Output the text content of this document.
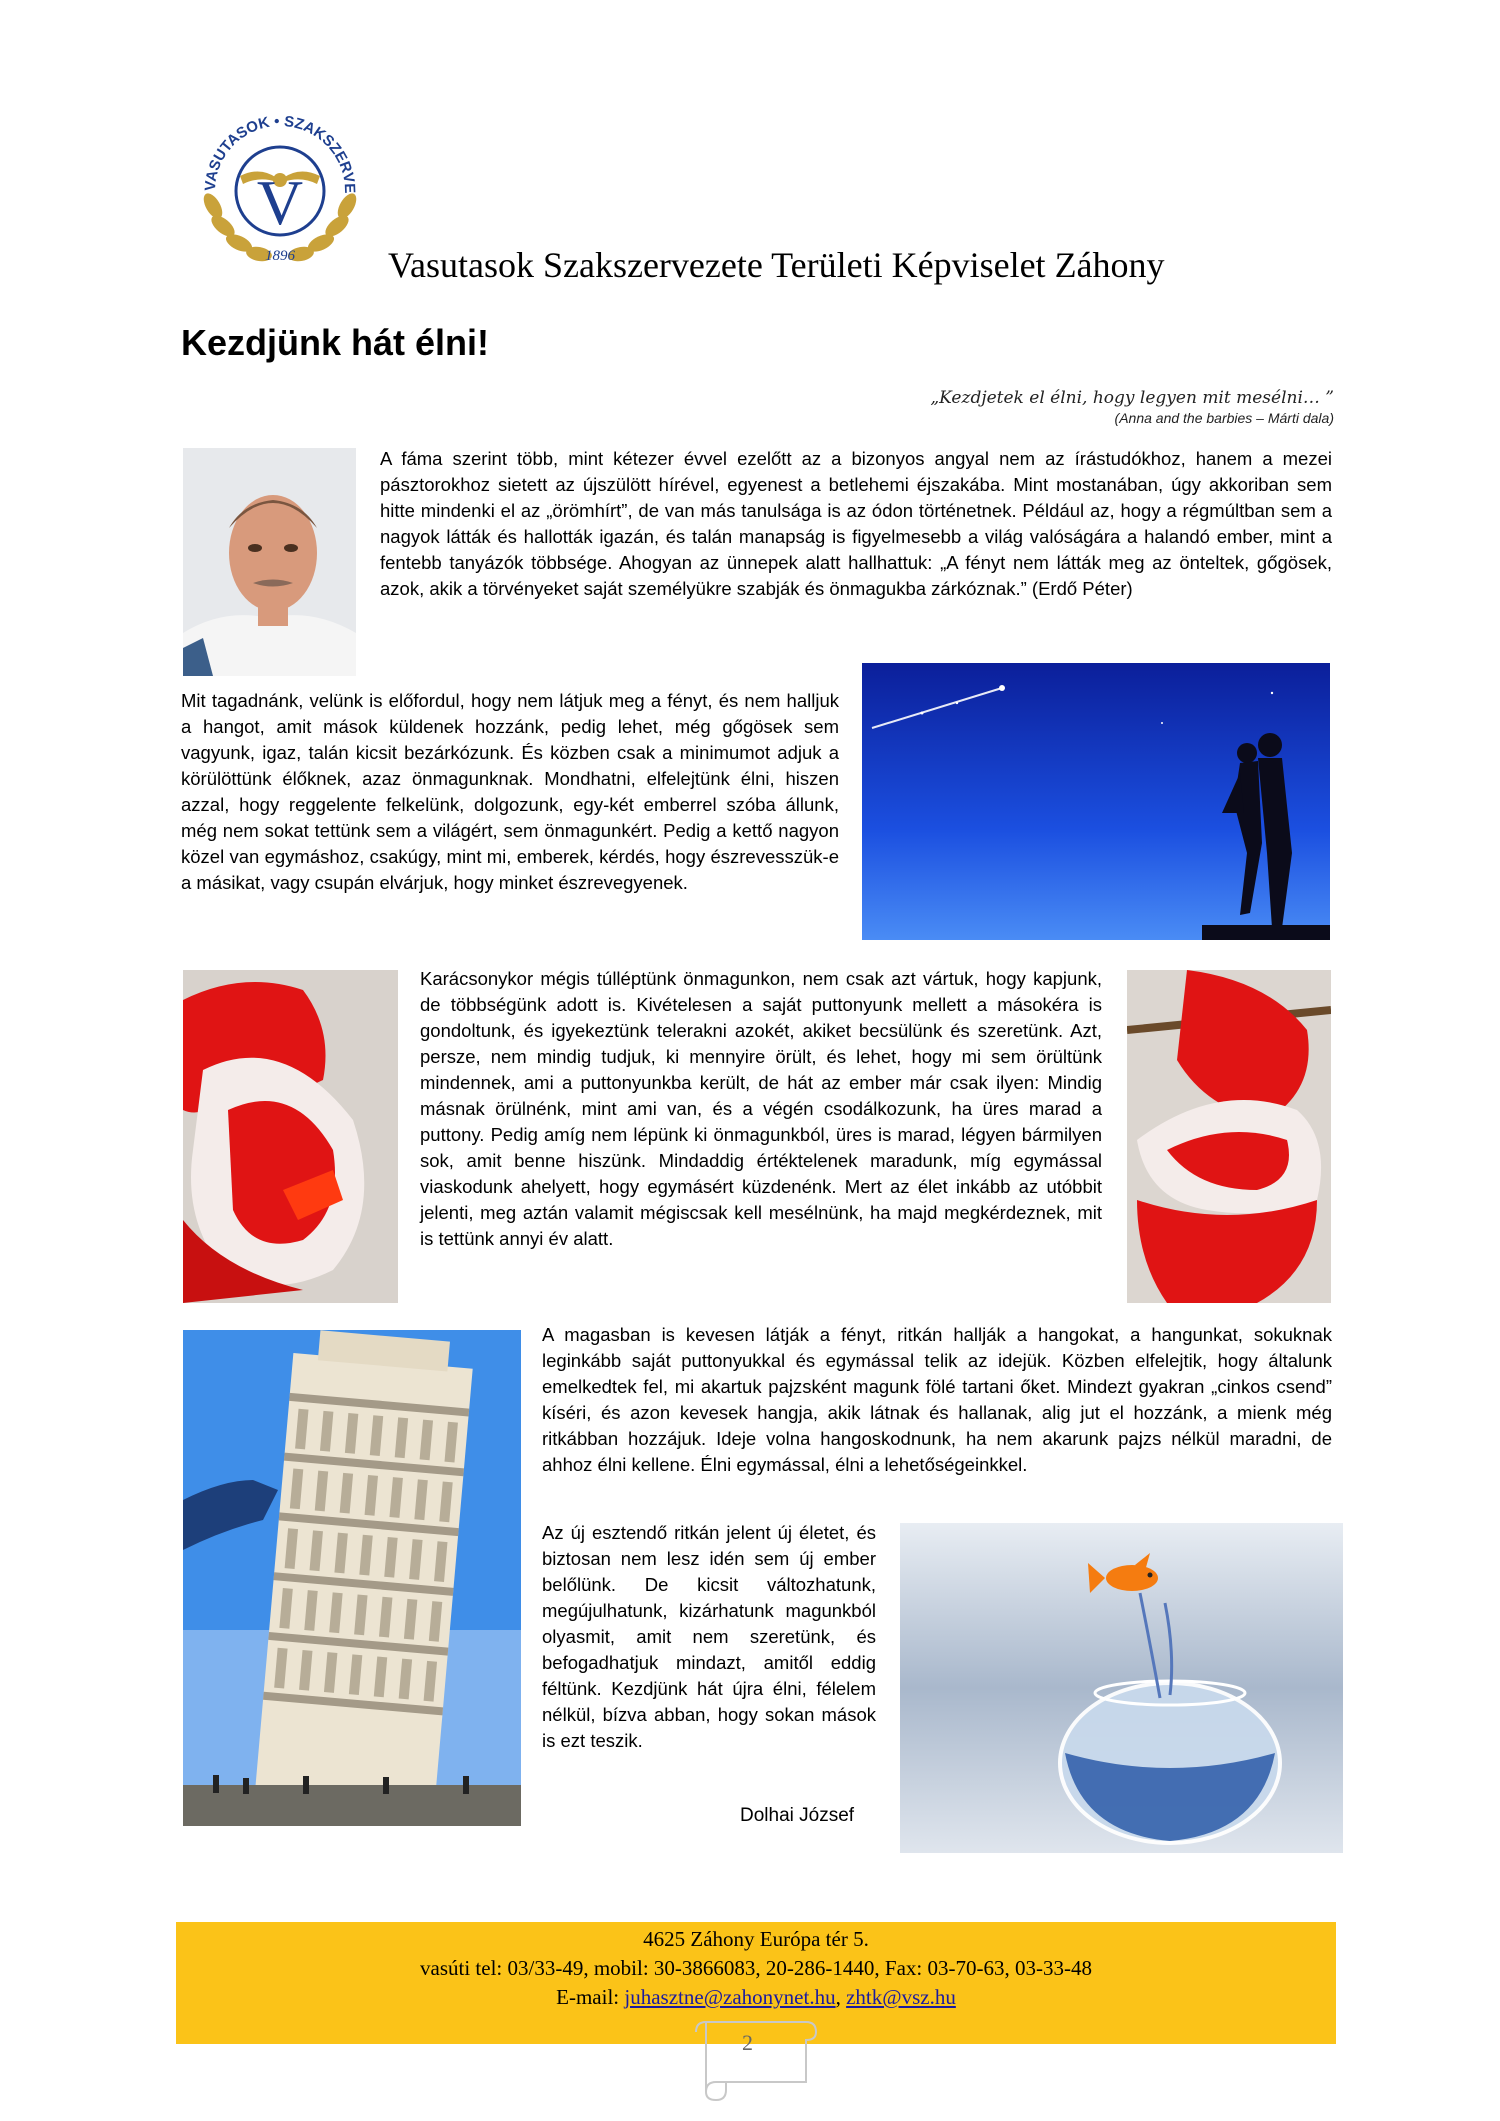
VASUTASOK • SZAKSZERVE
V
1896	Vasutasok Szakszervezete Területi Képviselet Záhony
Kezdjünk hát élni!
„Kezdjetek el élni, hogy legyen mit mesélni… ”
(Anna and the barbies – Márti dala)

A fáma szerint több, mint kétezer évvel ezelőtt az a bizonyos angyal nem az írástudókhoz, hanem a mezei pásztorokhoz sietett az újszülött hírével, egyenest a betlehemi éjszakába. Mint mostanában, úgy akkoriban sem hitte mindenki el az „örömhírt”, de van más tanulsága is az ódon történetnek. Például az, hogy a régmúltban sem a nagyok látták és hallották igazán, és talán manapság is figyelmesebb a világ valóságára a halandó ember, mint a fentebb tanyázók többsége. Ahogyan az ünnepek alatt hallhattuk: „A fényt nem látták meg az önteltek, gőgösek, azok, akik a törvényeket saját személyükre szabják és önmagukba zárkóznak.” (Erdő Péter)

Mit tagadnánk, velünk is előfordul, hogy nem látjuk meg a fényt, és nem halljuk a hangot, amit mások küldenek hozzánk, pedig lehet, még gőgösek sem vagyunk, igaz, talán kicsit bezárkózunk. És közben csak a minimumot adjuk a körülöttünk élőknek, azaz önmagunknak. Mondhatni, elfelejtünk élni, hiszen azzal, hogy reggelente felkelünk, dolgozunk, egy-két emberrel szóba állunk, még nem sokat tettünk sem a világért, sem önmagunkért. Pedig a kettő nagyon közel van egymáshoz, csakúgy, mint mi, emberek, kérdés, hogy észrevesszük-e a másikat, vagy csupán elvárjuk, hogy minket észrevegyenek.

Karácsonykor mégis túlléptünk önmagunkon, nem csak azt vártuk, hogy kapjunk, de többségünk adott is. Kivételesen a saját puttonyunk mellett a másokéra is gondoltunk, és igyekeztünk telerakni azokét, akiket becsülünk és szeretünk. Azt, persze, nem mindig tudjuk, ki mennyire örült, és lehet, hogy mi sem örültünk mindennek, ami a puttonyunkba került, de hát az ember már csak ilyen: Mindig másnak örülnénk, mint ami van, és a végén csodálkozunk, ha üres marad a puttony. Pedig amíg nem lépünk ki önmagunkból, üres is marad, légyen bármilyen sok, amit benne hiszünk. Mindaddig értéktelenek maradunk, míg egymással viaskodunk ahelyett, hogy egymásért küzdenénk. Mert az élet inkább az utóbbit jelenti, meg aztán valamit mégiscsak kell mesélnünk, ha majd megkérdeznek, mit is tettünk annyi év alatt.

A magasban is kevesen látják a fényt, ritkán hallják a hangokat, a hangunkat, sokuknak leginkább saját puttonyukkal és egymással telik az idejük. Közben elfelejtik, hogy általunk emelkedtek fel, mi akartuk pajzsként magunk fölé tartani őket. Mindezt gyakran „cinkos csend” kíséri, és azon kevesek hangja, akik látnak és hallanak, alig jut el hozzánk, a mienk még ritkábban hozzájuk. Ideje volna hangoskodnunk, ha nem akarunk pajzs nélkül maradni, de ahhoz élni kellene. Élni egymással, élni a lehetőségeinkkel.

Az új esztendő ritkán jelent új életet, és biztosan nem lesz idén sem új ember belőlünk. De kicsit változhatunk, megújulhatunk, kizárhatunk magunkból olyasmit, amit nem szeretünk, és befogadhatjuk mindazt, amitől eddig féltünk. Kezdjünk hát újra élni, félelem nélkül, bízva abban, hogy sokan mások is ezt teszik.

Dolhai József
4625 Záhony Európa tér 5.
vasúti tel: 03/33-49, mobil: 30-3866083, 20-286-1440, Fax: 03-70-63, 03-33-48
E-mail: juhasztne@zahonynet.hu, zhtk@vsz.hu
2
